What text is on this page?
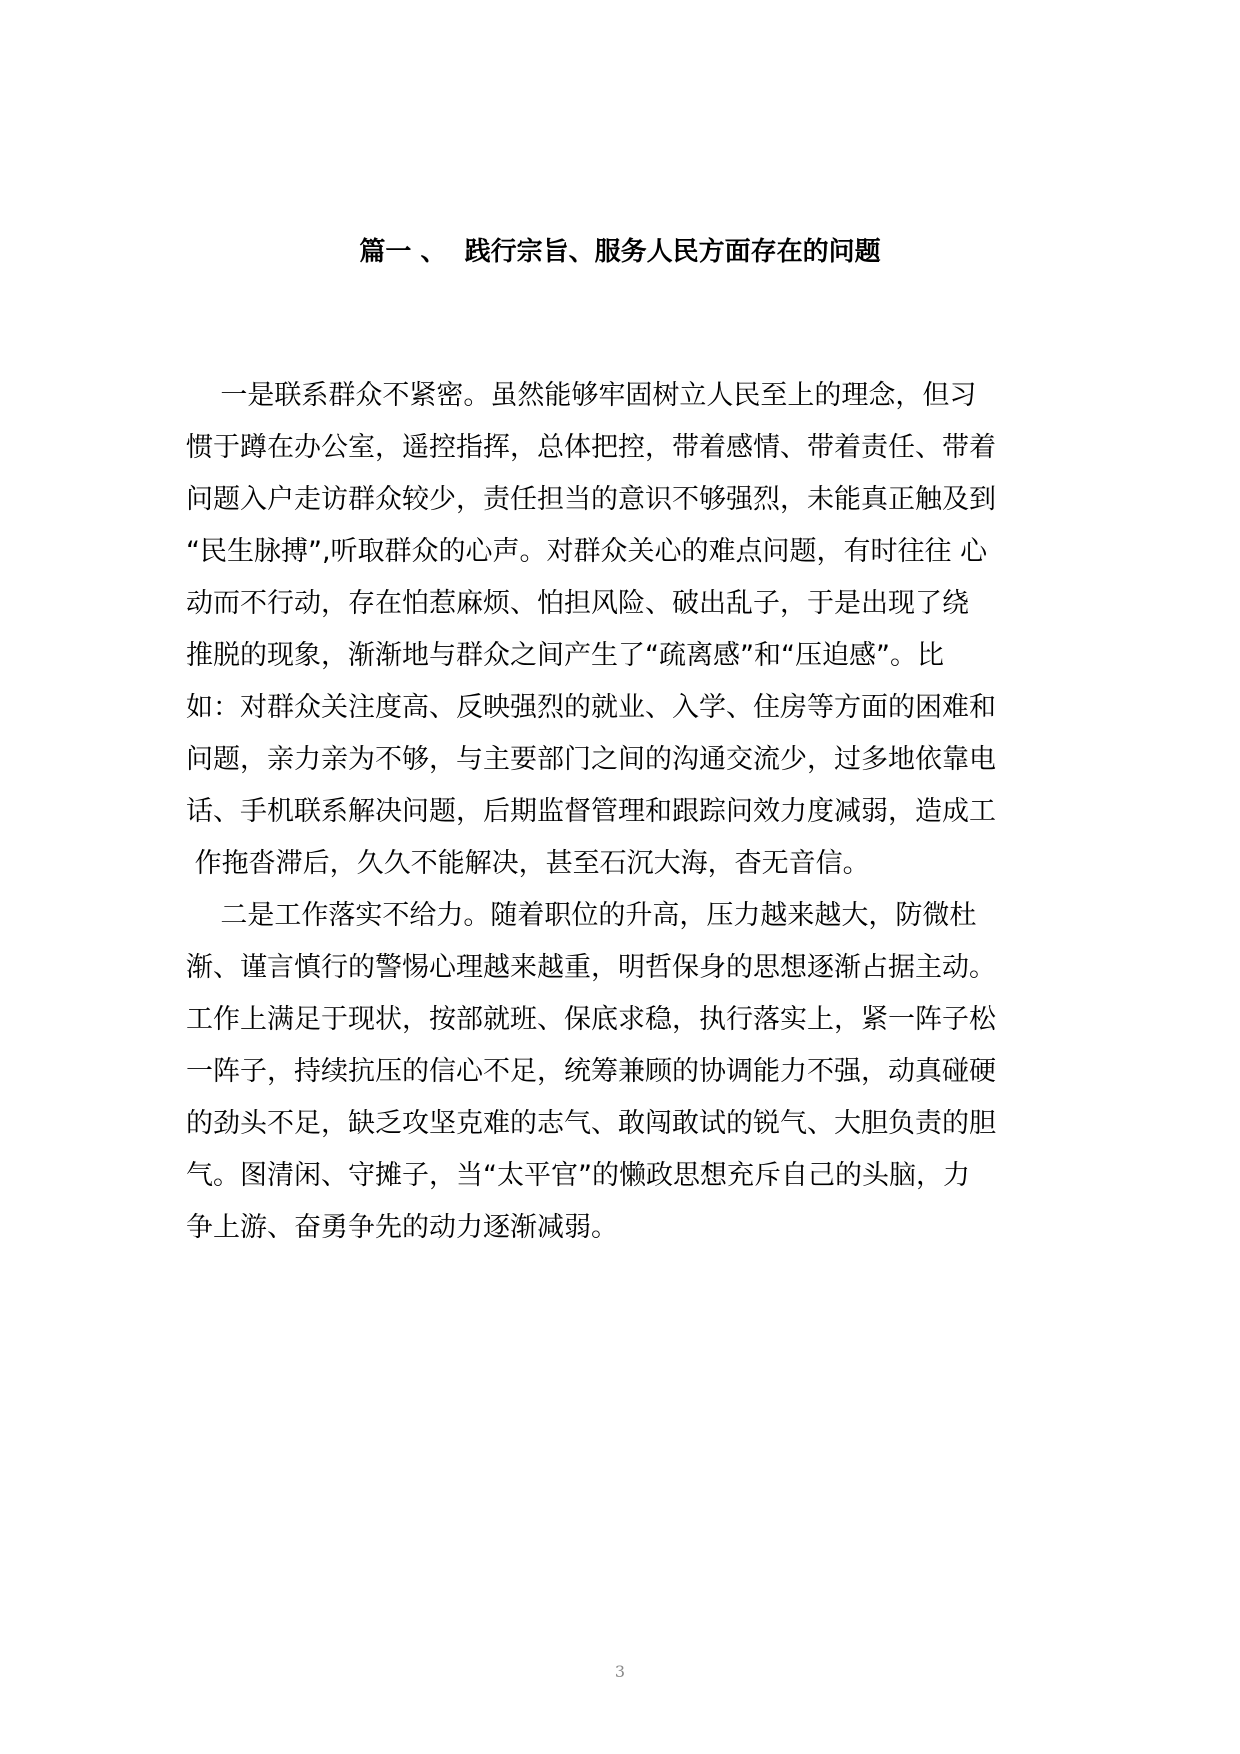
篇一 、  践行宗旨、服务人民方面存在的问题
一是联系群众不紧密。虽然能够牢固树立人民至上的理念，但习
惯于蹲在办公室，遥控指挥，总体把控，带着感情、带着责任、带着
问题入户走访群众较少，责任担当的意识不够强烈，未能真正触及到
“民生脉搏”,听取群众的心声。对群众关心的难点问题，有时往往 心
动而不行动，存在怕惹麻烦、怕担风险、破出乱子，于是出现了绕
推脱的现象，渐渐地与群众之间产生了“疏离感”和“压迫感”。比
如：对群众关注度高、反映强烈的就业、入学、住房等方面的困难和
问题，亲力亲为不够，与主要部门之间的沟通交流少，过多地依靠电
话、手机联系解决问题，后期监督管理和跟踪问效力度减弱，造成工
作拖沓滞后，久久不能解决，甚至石沉大海，杳无音信。
二是工作落实不给力。随着职位的升高，压力越来越大，防微杜
渐、谨言慎行的警惕心理越来越重，明哲保身的思想逐渐占据主动。
工作上满足于现状，按部就班、保底求稳，执行落实上，紧一阵子松
一阵子，持续抗压的信心不足，统筹兼顾的协调能力不强，动真碰硬
的劲头不足，缺乏攻坚克难的志气、敢闯敢试的锐气、大胆负责的胆
气。图清闲、守摊子，当“太平官”的懒政思想充斥自己的头脑，力
争上游、奋勇争先的动力逐渐减弱。
3
